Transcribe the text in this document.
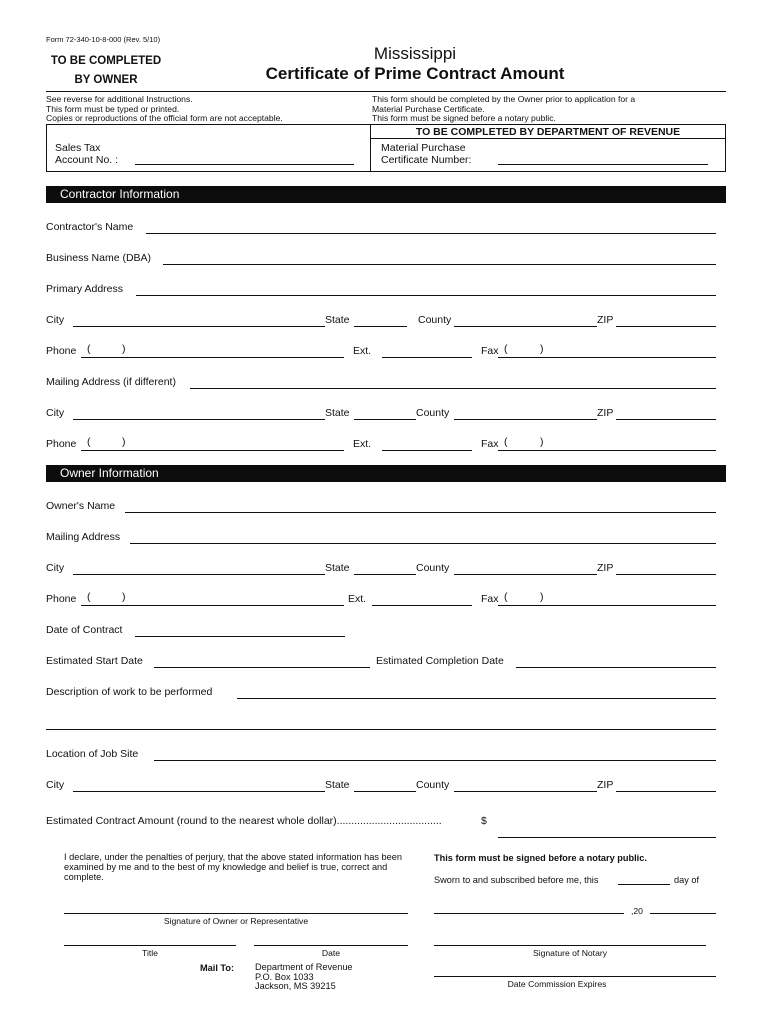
Form 72-340-10-8-000 (Rev. 5/10)
TO BE COMPLETED
BY OWNER
Mississippi
Certificate of Prime Contract Amount
See reverse for additional Instructions.
This form must be typed or printed.
Copies or reproductions of the official form are not acceptable.
This form should be completed by the Owner prior to application for a
Material Purchase Certificate.
This form must be signed before a notary public.
TO BE COMPLETED BY DEPARTMENT OF REVENUE
Sales Tax
Account No. :
Material Purchase
Certificate Number:
Contractor Information
Contractor's Name
Business Name (DBA)
Primary Address
City	State	County	ZIP
Phone (	)	Ext.	Fax (	)
Mailing Address (if different)
City	State	County	ZIP
Phone (	)	Ext.	Fax (	)
Owner Information
Owner's Name
Mailing Address
City	State	County	ZIP
Phone (	)	Ext.	Fax (	)
Date of Contract
Estimated Start Date	Estimated Completion Date
Description of work to be performed
Location of Job Site
City	State	County	ZIP
Estimated Contract Amount (round to the nearest whole dollar)....................................	$
I declare, under the penalties of perjury, that the above stated information has been examined by me and to the best of my knowledge and belief is true, correct and complete.
This form must be signed before a notary public.
Sworn to and subscribed before me, this	day of
Signature of Owner or Representative
,20
Title	Date	Signature of Notary
Mail To: Department of Revenue
P.O. Box 1033
Jackson, MS 39215	Date Commission Expires
